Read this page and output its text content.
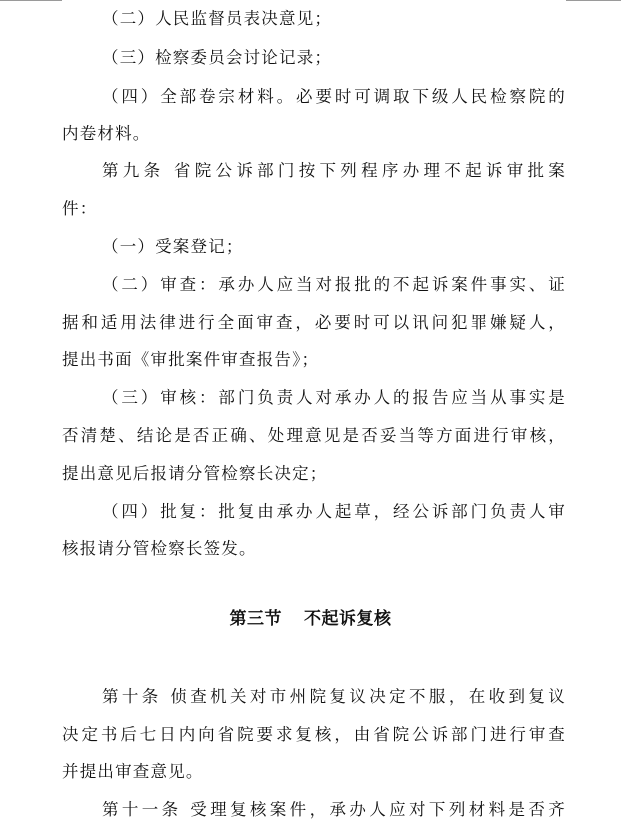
（二）人民监督员表决意见；
（三）检察委员会讨论记录；
（四）全部卷宗材料。必要时可调取下级人民检察院的
内卷材料。
第九条 省院公诉部门按下列程序办理不起诉审批案
件：
（一）受案登记；
（二）审查：承办人应当对报批的不起诉案件事实、证
据和适用法律进行全面审查，必要时可以讯问犯罪嫌疑人，
提出书面《审批案件审查报告》；
（三）审核：部门负责人对承办人的报告应当从事实是
否清楚、结论是否正确、处理意见是否妥当等方面进行审核，
提出意见后报请分管检察长决定；
（四）批复：批复由承办人起草，经公诉部门负责人审
核报请分管检察长签发。
第三节 不起诉复核
第十条 侦查机关对市州院复议决定不服，在收到复议
决定书后七日内向省院要求复核，由省院公诉部门进行审查
并提出审查意见。
第十一条 受理复核案件，承办人应对下列材料是否齐
